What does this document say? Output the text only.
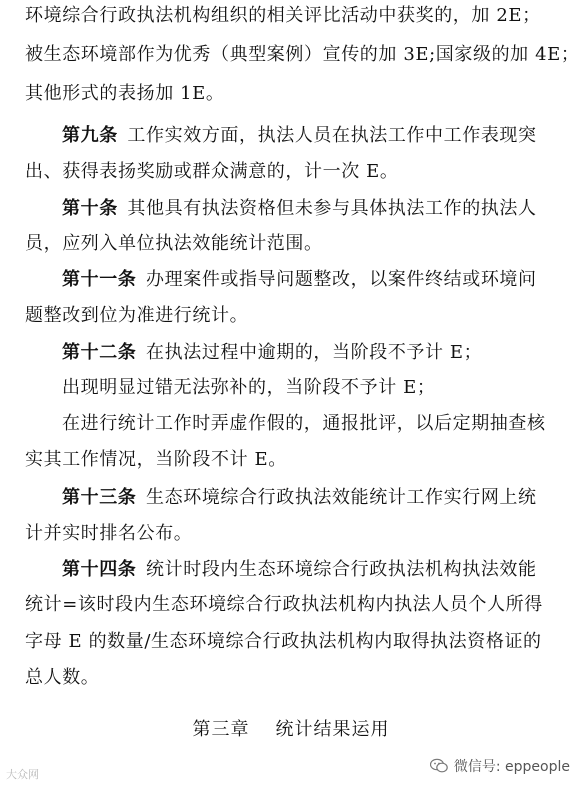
环境综合行政执法机构组织的相关评比活动中获奖的，加 2E；
被生态环境部作为优秀（典型案例）宣传的加 3E;国家级的加 4E；
其他形式的表扬加 1E。
第九条  工作实效方面，执法人员在执法工作中工作表现突
出、获得表扬奖励或群众满意的，计一次 E。
第十条  其他具有执法资格但未参与具体执法工作的执法人
员，应列入单位执法效能统计范围。
第十一条  办理案件或指导问题整改，以案件终结或环境问
题整改到位为准进行统计。
第十二条  在执法过程中逾期的，当阶段不予计 E；
出现明显过错无法弥补的，当阶段不予计 E；
在进行统计工作时弄虚作假的，通报批评，以后定期抽查核
实其工作情况，当阶段不计 E。
第十三条  生态环境综合行政执法效能统计工作实行网上统
计并实时排名公布。
第十四条  统计时段内生态环境综合行政执法机构执法效能
统计=该时段内生态环境综合行政执法机构内执法人员个人所得
字母 E 的数量/生态环境综合行政执法机构内取得执法资格证的
总人数。
第三章 统计结果运用
大众网	微信号: eppeople
